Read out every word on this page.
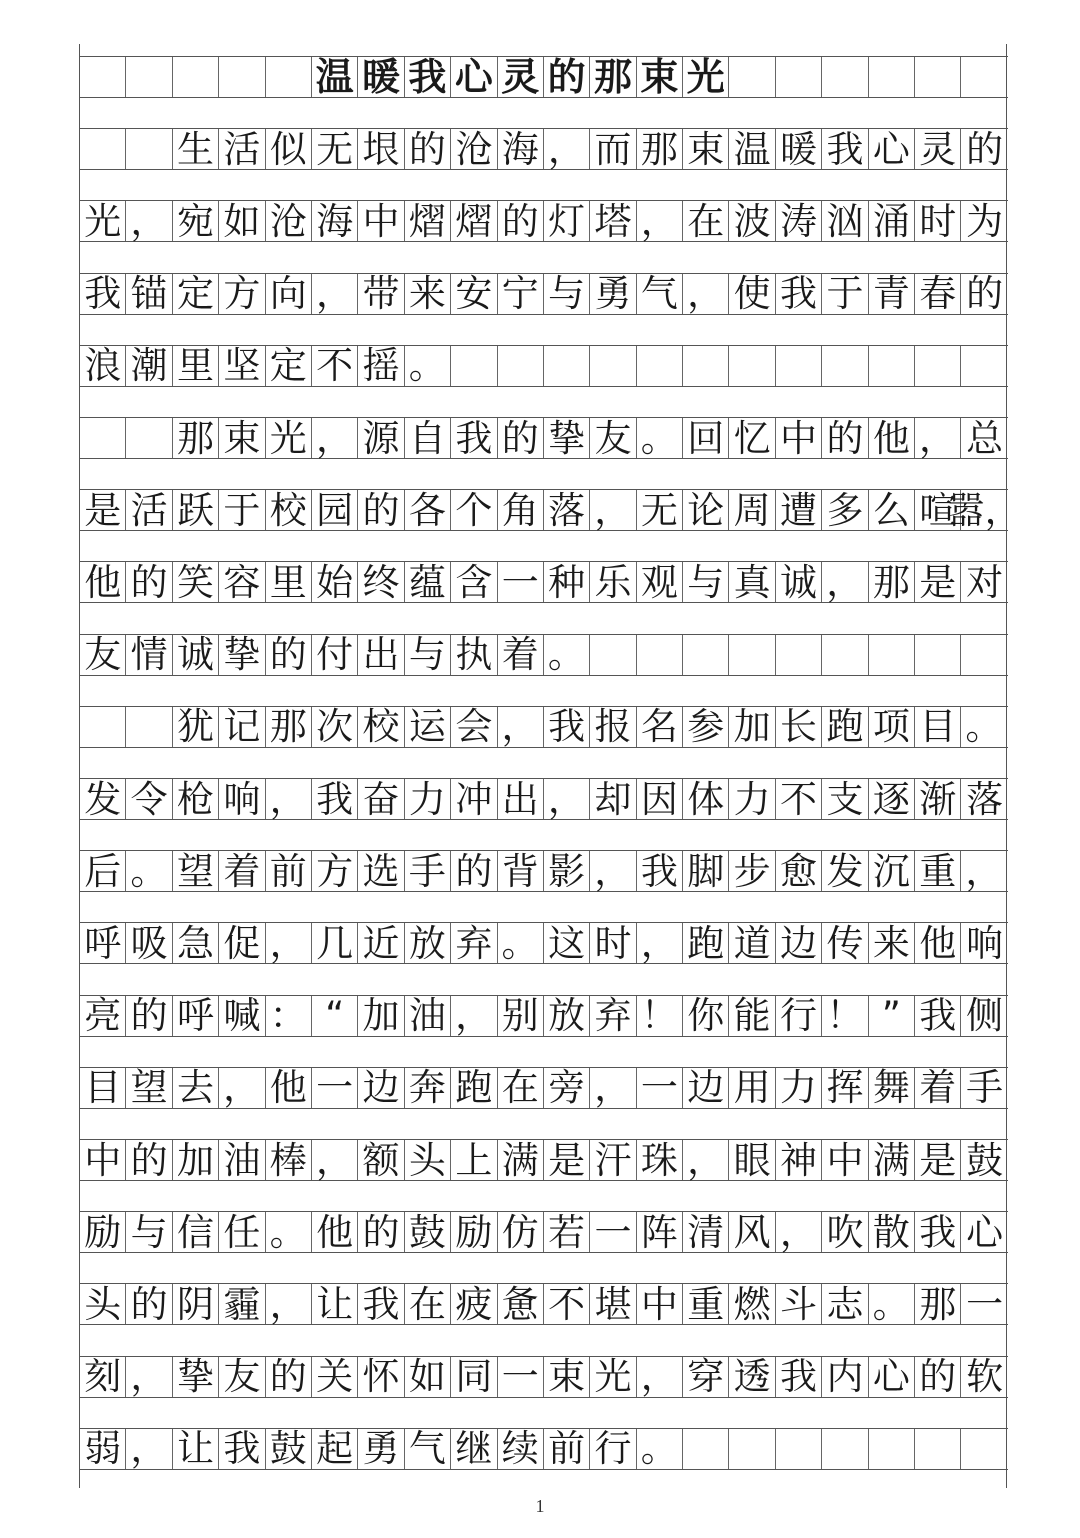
温 暖 我 心 灵 的 那 束 光
生 活 似 无 垠 的 沧 海 ， 而 那 束 温 暖 我 心 灵 的
光 ， 宛 如 沧 海 中 熠 熠 的 灯 塔 ， 在 波 涛 汹 涌 时 为
我 锚 定 方 向 ， 带 来 安 宁 与 勇 气 ， 使 我 于 青 春 的
浪 潮 里 坚 定 不 摇 。
那 束 光 ， 源 自 我 的 挚 友 。 回 忆 中 的 他 ， 总
是 活 跃 于 校 园 的 各 个 角 落 ， 无 论 周 遭 多 么 喧
嚣，
他 的 笑 容 里 始 终 蕴 含 一 种 乐 观 与 真 诚 ， 那 是 对
友 情 诚 挚 的 付 出 与 执 着 。
犹 记 那 次 校 运 会 ， 我 报 名 参 加 长 跑 项 目 。
发 令 枪 响 ， 我 奋 力 冲 出 ， 却 因 体 力 不 支 逐 渐 落
后 。 望 着 前 方 选 手 的 背 影 ， 我 脚 步 愈 发 沉 重 ，
呼 吸 急 促 ， 几 近 放 弃 。 这 时 ， 跑 道 边 传 来 他 响
亮 的 呼 喊 ： “ 加 油 ， 别 放 弃 ！ 你 能 行 ！ ” 我 侧
目 望 去 ， 他 一 边 奔 跑 在 旁 ， 一 边 用 力 挥 舞 着 手
中 的 加 油 棒 ， 额 头 上 满 是 汗 珠 ， 眼 神 中 满 是 鼓
励 与 信 任 。 他 的 鼓 励 仿 若 一 阵 清 风 ， 吹 散 我 心
头 的 阴 霾 ， 让 我 在 疲 惫 不 堪 中 重 燃 斗 志 。 那 一
刻 ， 挚 友 的 关 怀 如 同 一 束 光 ， 穿 透 我 内 心 的 软
弱 ， 让 我 鼓 起 勇 气 继 续 前 行 。
1
